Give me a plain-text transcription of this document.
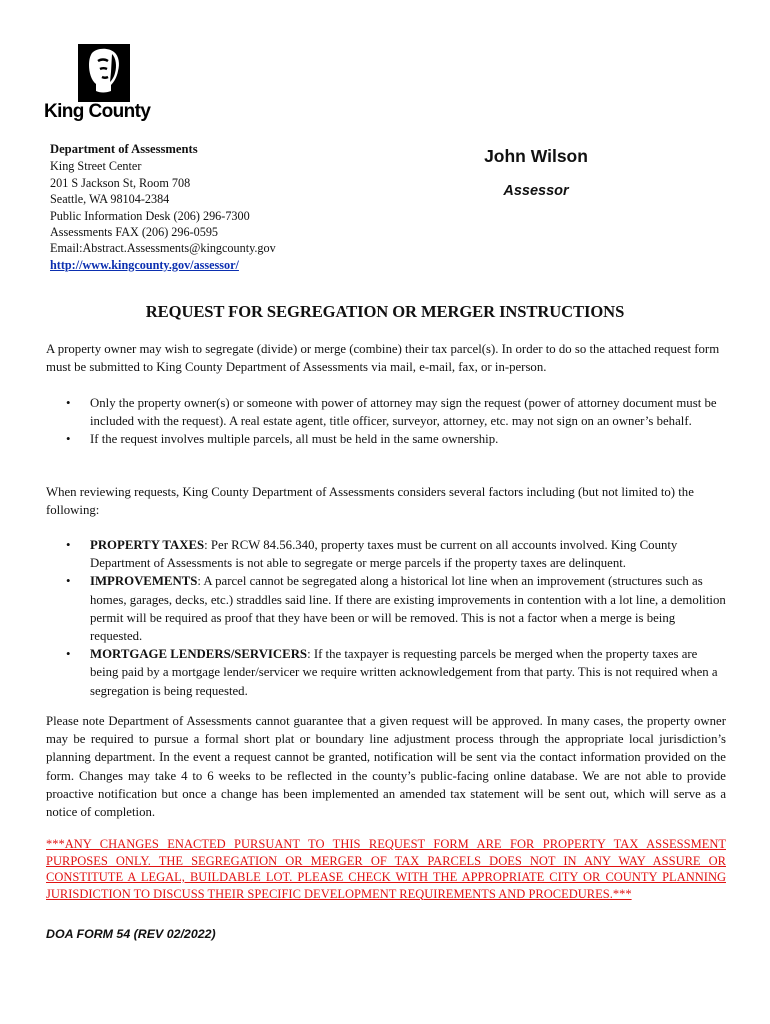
King County
Department of Assessments
King Street Center
201 S Jackson St, Room 708
Seattle, WA 98104-2384
Public Information Desk (206) 296-7300
Assessments FAX (206) 296-0595
Email:Abstract.Assessments@kingcounty.gov
http://www.kingcounty.gov/assessor/
John Wilson
Assessor
REQUEST FOR SEGREGATION OR MERGER INSTRUCTIONS

A property owner may wish to segregate (divide) or merge (combine) their tax parcel(s). In order to do so the attached request form must be submitted to King County Department of Assessments via mail, e-mail, fax, or in-person.

• Only the property owner(s) or someone with power of attorney may sign the request (power of attorney document must be included with the request). A real estate agent, title officer, surveyor, attorney, etc. may not sign on an owner’s behalf.
• If the request involves multiple parcels, all must be held in the same ownership.

When reviewing requests, King County Department of Assessments considers several factors including (but not limited to) the following:

• PROPERTY TAXES: Per RCW 84.56.340, property taxes must be current on all accounts involved. King County Department of Assessments is not able to segregate or merge parcels if the property taxes are delinquent.
• IMPROVEMENTS: A parcel cannot be segregated along a historical lot line when an improvement (structures such as homes, garages, decks, etc.) straddles said line. If there are existing improvements in contention with a lot line, a demolition permit will be required as proof that they have been or will be removed. This is not a factor when a merge is being requested.
• MORTGAGE LENDERS/SERVICERS: If the taxpayer is requesting parcels be merged when the property taxes are being paid by a mortgage lender/servicer we require written acknowledgement from that party. This is not required when a segregation is being requested.

Please note Department of Assessments cannot guarantee that a given request will be approved. In many cases, the property owner may be required to pursue a formal short plat or boundary line adjustment process through the appropriate local jurisdiction’s planning department. In the event a request cannot be granted, notification will be sent via the contact information provided on the form. Changes may take 4 to 6 weeks to be reflected in the county’s public-facing online database. We are not able to provide proactive notification but once a change has been implemented an amended tax statement will be sent out, which will serve as a notice of completion.

***ANY CHANGES ENACTED PURSUANT TO THIS REQUEST FORM ARE FOR PROPERTY TAX ASSESSMENT PURPOSES ONLY. THE SEGREGATION OR MERGER OF TAX PARCELS DOES NOT IN ANY WAY ASSURE OR CONSTITUTE A LEGAL, BUILDABLE LOT. PLEASE CHECK WITH THE APPROPRIATE CITY OR COUNTY PLANNING JURISDICTION TO DISCUSS THEIR SPECIFIC DEVELOPMENT REQUIREMENTS AND PROCEDURES.***
DOA FORM 54 (REV 02/2022)
